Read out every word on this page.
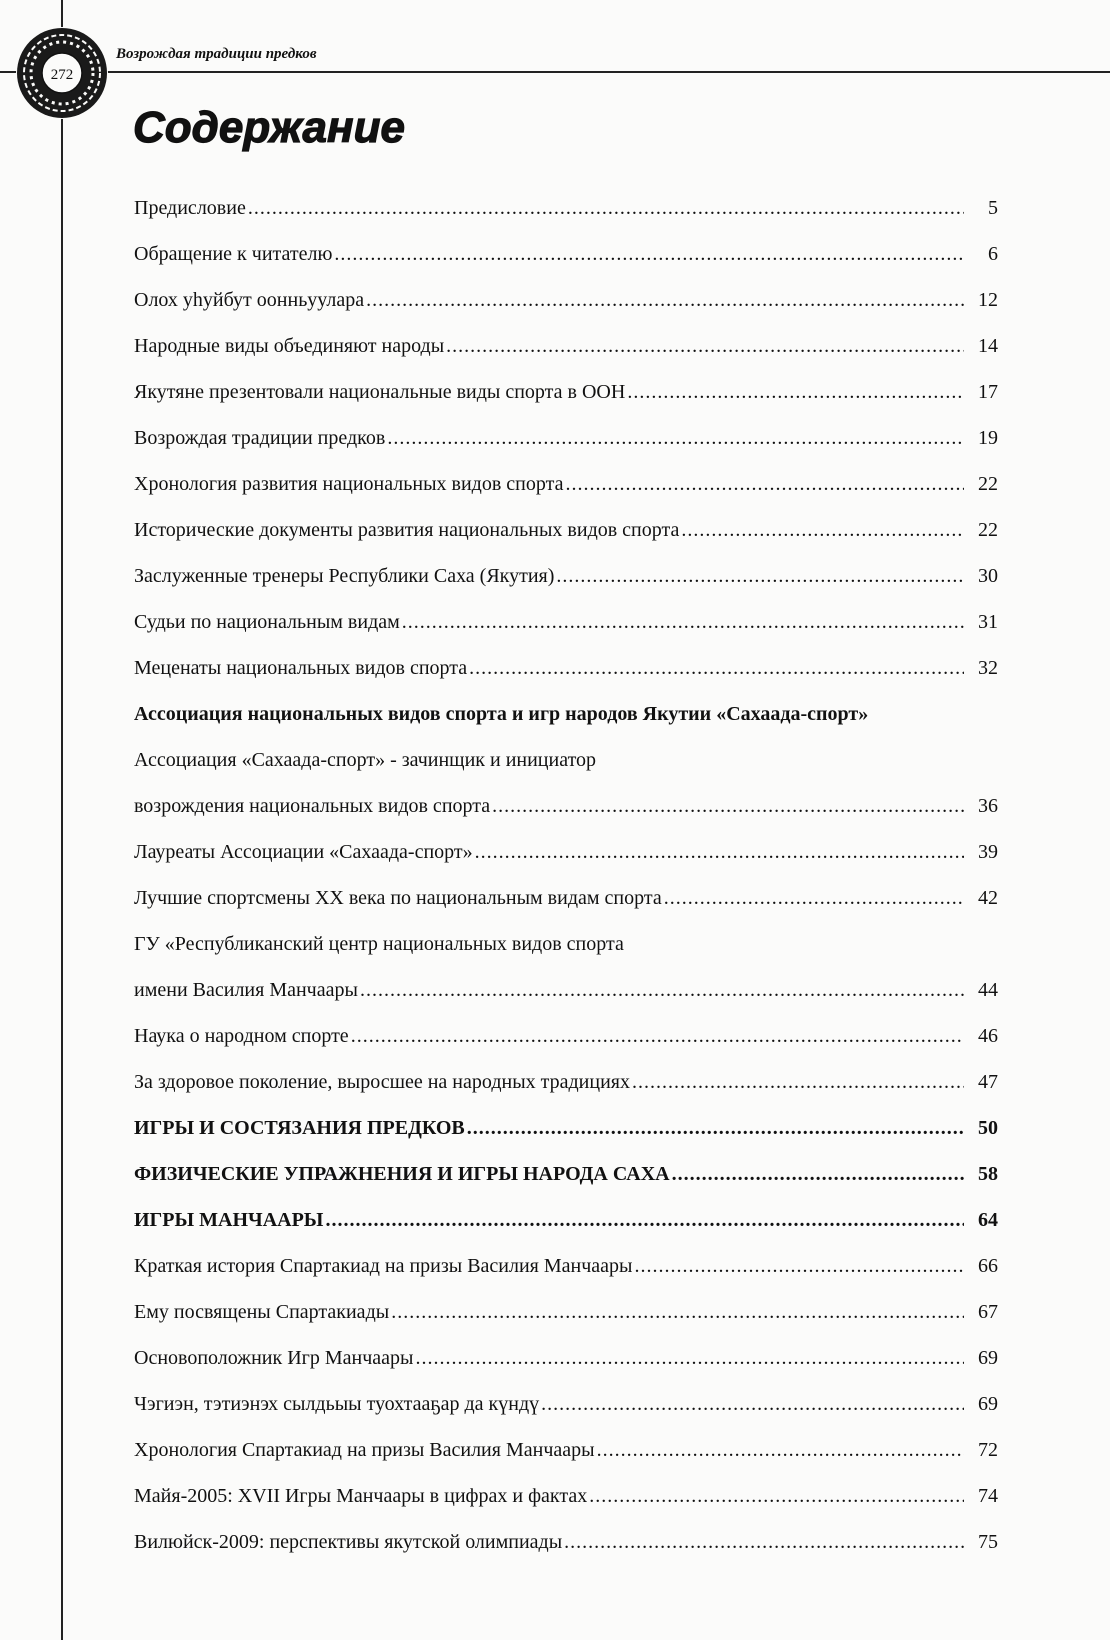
272
Возрождая традиции предков
Содержание
Предисловие .....	5
Обращение к читателю .....	6
Олох уһуйбут оонньуулара .....	12
Народные виды объединяют народы .....	14
Якутяне презентовали национальные виды спорта в ООН .....	17
Возрождая традиции предков .....	19
Хронология развития национальных видов спорта .....	22
Исторические документы развития национальных видов спорта .....	22
Заслуженные тренеры Республики Саха (Якутия) .....	30
Судьи по национальным видам .....	31
Меценаты национальных видов спорта .....	32
Ассоциация национальных видов спорта и игр народов Якутии «Сахаада-спорт»
Ассоциация «Сахаада-спорт» - зачинщик и инициатор
возрождения национальных видов спорта .....	36
Лауреаты Ассоциации «Сахаада-спорт» .....	39
Лучшие спортсмены XX века по национальным видам спорта .....	42
ГУ «Республиканский центр национальных видов спорта
имени Василия Манчаары .....	44
Наука о народном спорте .....	46
За здоровое поколение, выросшее на народных традициях .....	47
ИГРЫ И СОСТЯЗАНИЯ ПРЕДКОВ .....	50
ФИЗИЧЕСКИЕ УПРАЖНЕНИЯ И ИГРЫ НАРОДА САХА .....	58
ИГРЫ МАНЧААРЫ .....	64
Краткая история Спартакиад на призы Василия Манчаары .....	66
Ему посвящены Спартакиады .....	67
Основоположник Игр Манчаары .....	69
Чэгиэн, тэтиэнэх сылдьыы туохтааҕар да күндү .....	69
Хронология Спартакиад на призы Василия Манчаары .....	72
Майя-2005: XVII Игры Манчаары в цифрах и фактах .....	74
Вилюйск-2009: перспективы якутской олимпиады .....	75
